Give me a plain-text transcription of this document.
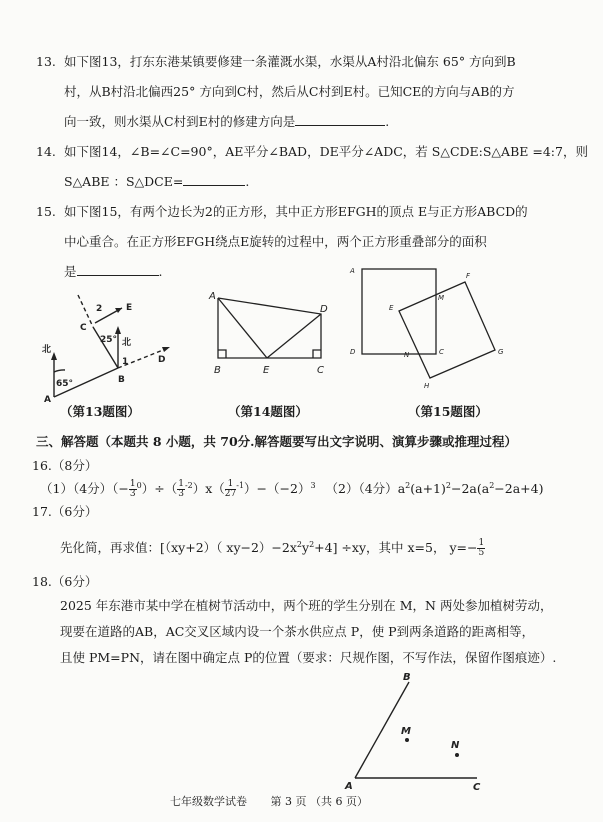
13. 如下图13，打东东港某镇要修建一条灌溉水渠，水渠从A村沿北偏东 65° 方向到B
村，从B村沿北偏西25° 方向到C村，然后从C村到E村。已知CE的方向与AB的方
向一致，则水渠从C村到E村的修建方向是	.
14. 如下图14，∠B=∠C=90°，AE平分∠BAD，DE平分∠ADC，若 S△CDE:S△ABE =4:7，则
S△ABE ：S△DCE=	.
15. 如下图15，有两个边长为2的正方形，其中正方形EFGH的顶点 E与正方形ABCD的
中心重合。在正方形EFGH绕点E旋转的过程中，两个正方形重叠部分的面积
是	.
E
2
C
25° 北
1	D
北
65°	B
A
A
D
B	E	C
A
F
M
E
D	N	C	G
H
（第13题图）	（第14题图）	（第15题图）
三、解答题（本题共 8 小题，共 70分.解答题要写出文字说明、演算步骤或推理过程）
16.（8分）
（1）（4分）（− $\frac{1}{3} ^0)\div( \frac{1}{3} ^{-2})x( \frac{1}{27} ^{-1})-(-2)^3$ （2）（4分）$a^2(a+1)^2-2a(a^2-2a+4)$
17.（6分）
先化简，再求值：[（xy+2）（ $xy-2)-2x^2y^2+4] \div xy$，其中 x=5， $y=- \frac{1}{5}$
18.（6分）
2025 年东港市某中学在植树节活动中，两个班的学生分别在 M，N 两处参加植树劳动，
现要在道路的AB，AC交叉区域内设一个茶水供应点 P，使 P到两条道路的距离相等，
且使 PM=PN，请在图中确定点 P的位置（要求：尺规作图，不写作法，保留作图痕迹）.
B
M
N
A	C
七年级数学试卷 第 3 页 （共 6 页）
